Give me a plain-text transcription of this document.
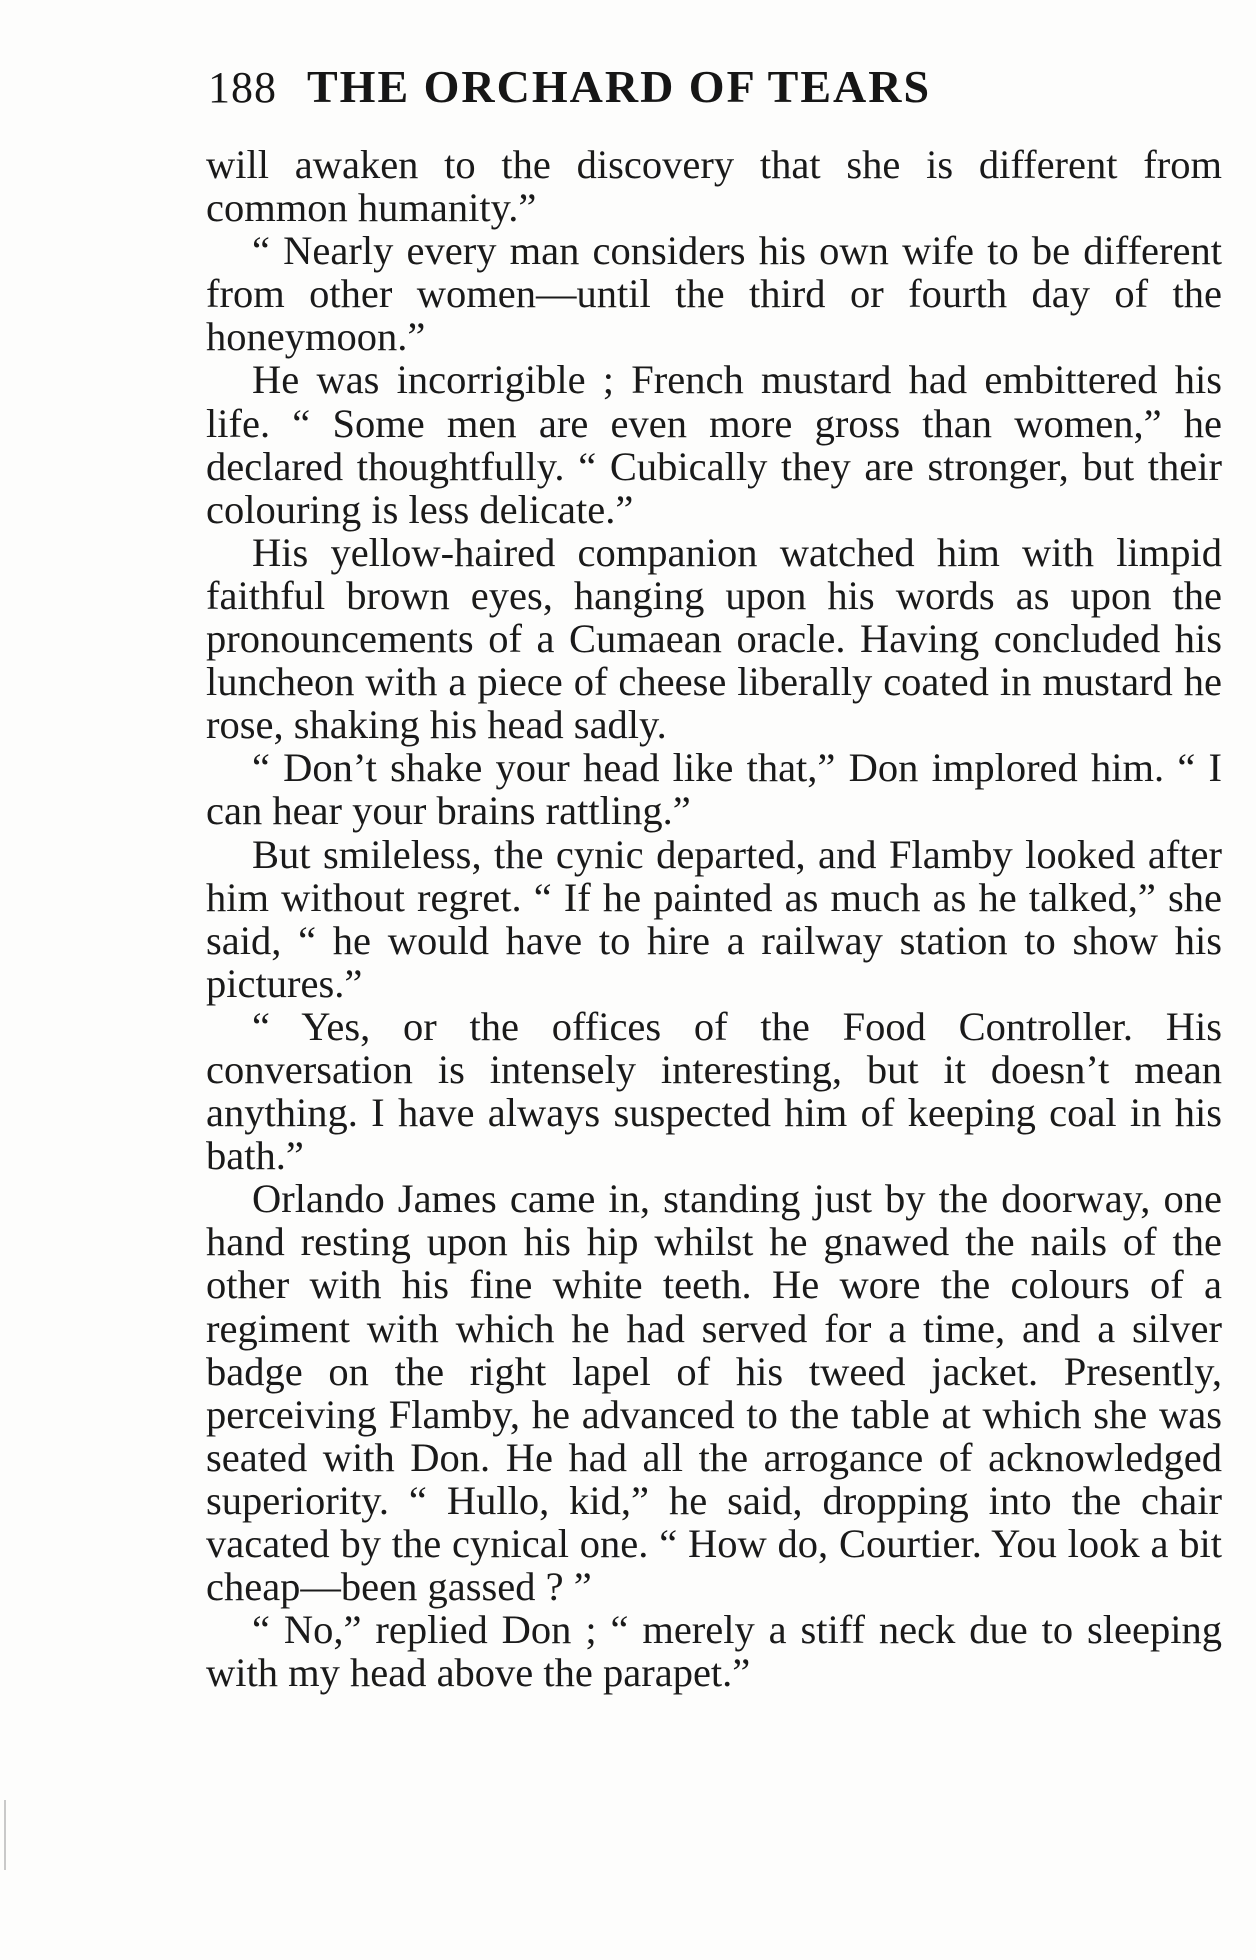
188 THE ORCHARD OF TEARS

will awaken to the discovery that she is different from common humanity.”

“ Nearly every man considers his own wife to be different from other women—until the third or fourth day of the honeymoon.”

He was incorrigible ; French mustard had embittered his life. “ Some men are even more gross than women,” he declared thoughtfully. “ Cubically they are stronger, but their colouring is less delicate.”

His yellow-haired companion watched him with limpid faithful brown eyes, hanging upon his words as upon the pronouncements of a Cumaean oracle. Having concluded his luncheon with a piece of cheese liberally coated in mustard he rose, shaking his head sadly.

“ Don’t shake your head like that,” Don implored him. “ I can hear your brains rattling.”

But smileless, the cynic departed, and Flamby looked after him without regret. “ If he painted as much as he talked,” she said, “ he would have to hire a railway station to show his pictures.”

“ Yes, or the offices of the Food Controller. His conversation is intensely interesting, but it doesn’t mean anything. I have always suspected him of keeping coal in his bath.”

Orlando James came in, standing just by the doorway, one hand resting upon his hip whilst he gnawed the nails of the other with his fine white teeth. He wore the colours of a regiment with which he had served for a time, and a silver badge on the right lapel of his tweed jacket. Presently, perceiving Flamby, he advanced to the table at which she was seated with Don. He had all the arrogance of acknowledged superiority. “ Hullo, kid,” he said, dropping into the chair vacated by the cynical one. “ How do, Courtier. You look a bit cheap—been gassed ? ”

“ No,” replied Don ; “ merely a stiff neck due to sleeping with my head above the parapet.”
